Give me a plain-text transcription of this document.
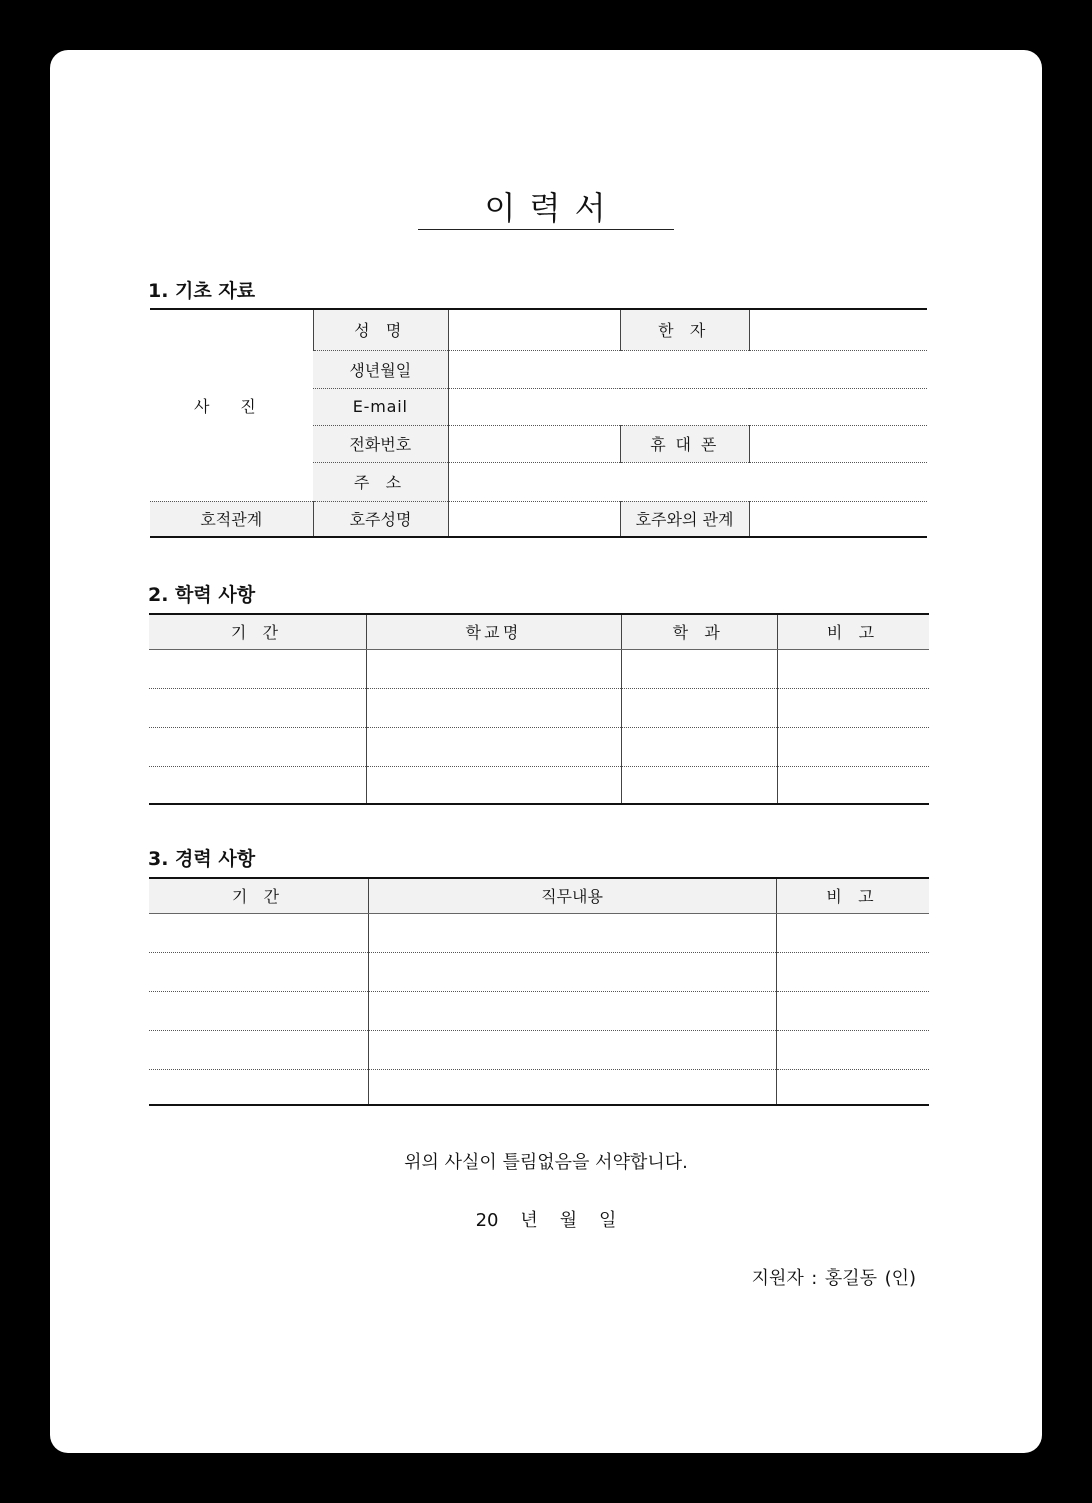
이 력 서
1. 기초 자료
사 진	성 명		한 자	
	생년월일			
	E-mail			
	전화번호		휴 대 폰	
	주 소			
호적관계	호주성명		호주와의 관계	
2. 학력 사항
기 간	학교명	학 과	비 고

3. 경력 사항
기 간	직무내용	비 고

위의 사실이 틀림없음을 서약합니다.
20 년 월 일
지원자 : 홍길동 (인)
